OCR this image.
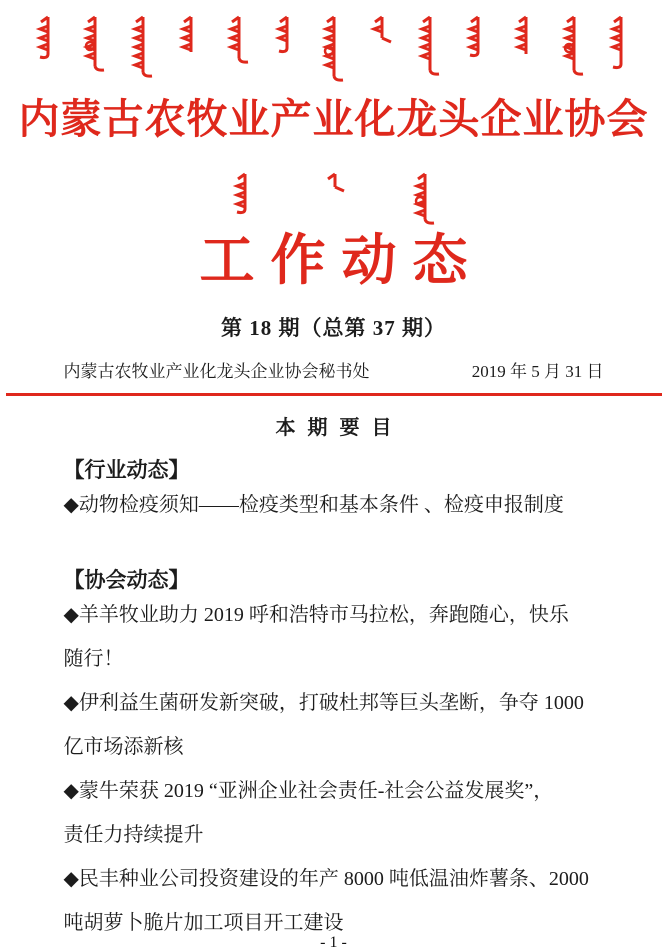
内蒙古农牧业产业化龙头企业协会
工作动态
第 18 期（总第 37 期）
内蒙古农牧业产业化龙头企业协会秘书处	2019 年 5 月 31 日
本期要目
【行业动态】

◆动物检疫须知——检疫类型和基本条件 、检疫申报制度

【协会动态】

◆羊羊牧业助力 2019 呼和浩特市马拉松，奔跑随心，快乐
随行！

◆伊利益生菌研发新突破，打破杜邦等巨头垄断，争夺 1000
亿市场添新核

◆蒙牛荣获 2019 “亚洲企业社会责任-社会公益发展奖”，
责任力持续提升

◆民丰种业公司投资建设的年产 8000 吨低温油炸薯条、2000
吨胡萝卜脆片加工项目开工建设

- 1 -
